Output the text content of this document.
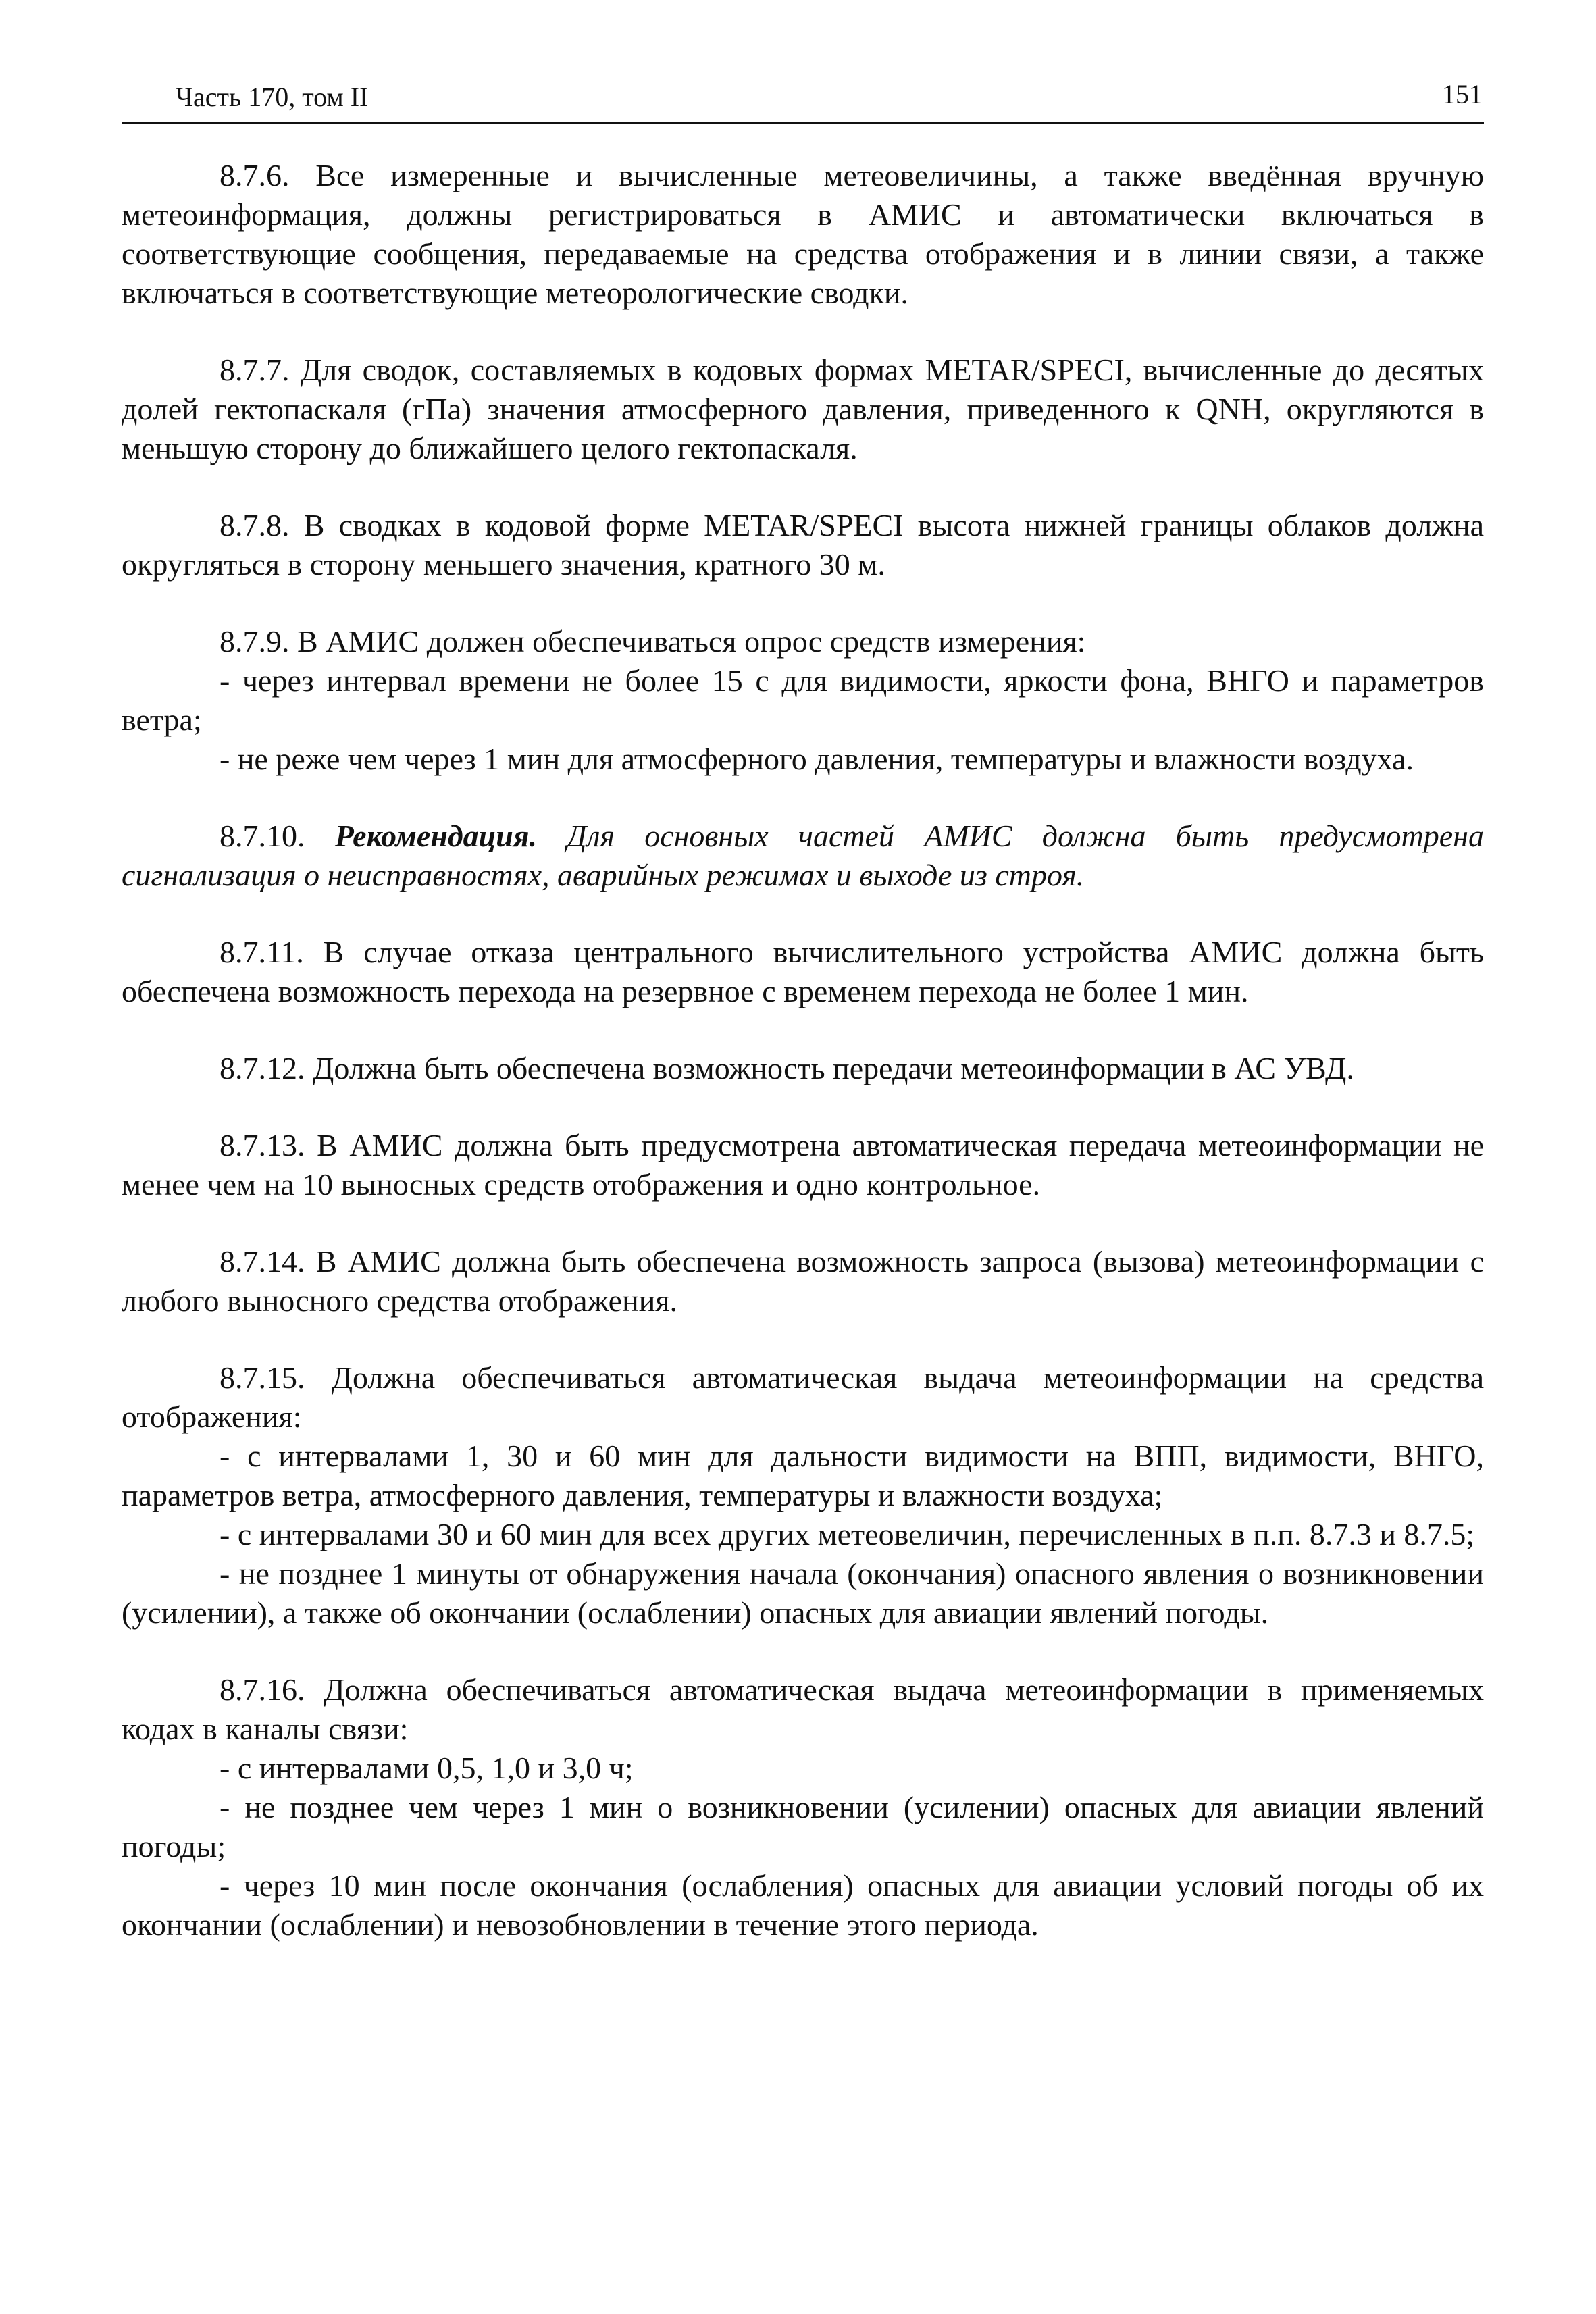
Часть 170, том II	151

8.7.6. Все измеренные и вычисленные метеовеличины, а также введённая вручную метеоинформация, должны регистрироваться в АМИС и автоматически включаться в соответствующие сообщения, передаваемые на средства отображения и в линии связи, а также включаться в соответствующие метеорологические сводки.

8.7.7. Для сводок, составляемых в кодовых формах METAR/SPECI, вычисленные до десятых долей гектопаскаля (гПа) значения атмосферного давления, приведенного к QNH, округляются в меньшую сторону до ближайшего целого гектопаскаля.

8.7.8. В сводках в кодовой форме METAR/SPECI высота нижней границы облаков должна округляться в сторону меньшего значения, кратного 30 м.

8.7.9. В АМИС должен обеспечиваться опрос средств измерения:

- через интервал времени не более 15 с для видимости, яркости фона, ВНГО и параметров ветра;

- не реже чем через 1 мин для атмосферного давления, температуры и влажности воздуха.

8.7.10. Рекомендация. Для основных частей АМИС должна быть предусмотрена сигнализация о неисправностях, аварийных режимах и выходе из строя.

8.7.11. В случае отказа центрального вычислительного устройства АМИС должна быть обеспечена возможность перехода на резервное с временем перехода не более 1 мин.

8.7.12. Должна быть обеспечена возможность передачи метеоинформации в АС УВД.

8.7.13. В АМИС должна быть предусмотрена автоматическая передача метеоинформации не менее чем на 10 выносных средств отображения и одно контрольное.

8.7.14. В АМИС должна быть обеспечена возможность запроса (вызова) метеоинформации с любого выносного средства отображения.

8.7.15. Должна обеспечиваться автоматическая выдача метеоинформации на средства отображения:

- с интервалами 1, 30 и 60 мин для дальности видимости на ВПП, видимости, ВНГО, параметров ветра, атмосферного давления, температуры и влажности воздуха;

- с интервалами 30 и 60 мин для всех других метеовеличин, перечисленных в п.п. 8.7.3 и 8.7.5;

- не позднее 1 минуты от обнаружения начала (окончания) опасного явления о возникновении (усилении), а также об окончании (ослаблении) опасных для авиации явлений погоды.

8.7.16. Должна обеспечиваться автоматическая выдача метеоинформации в применяемых кодах в каналы связи:

- с интервалами 0,5, 1,0 и 3,0 ч;

- не позднее чем через 1 мин о возникновении (усилении) опасных для авиации явлений погоды;

- через 10 мин после окончания (ослабления) опасных для авиации условий погоды об их окончании (ослаблении) и невозобновлении в течение этого периода.
